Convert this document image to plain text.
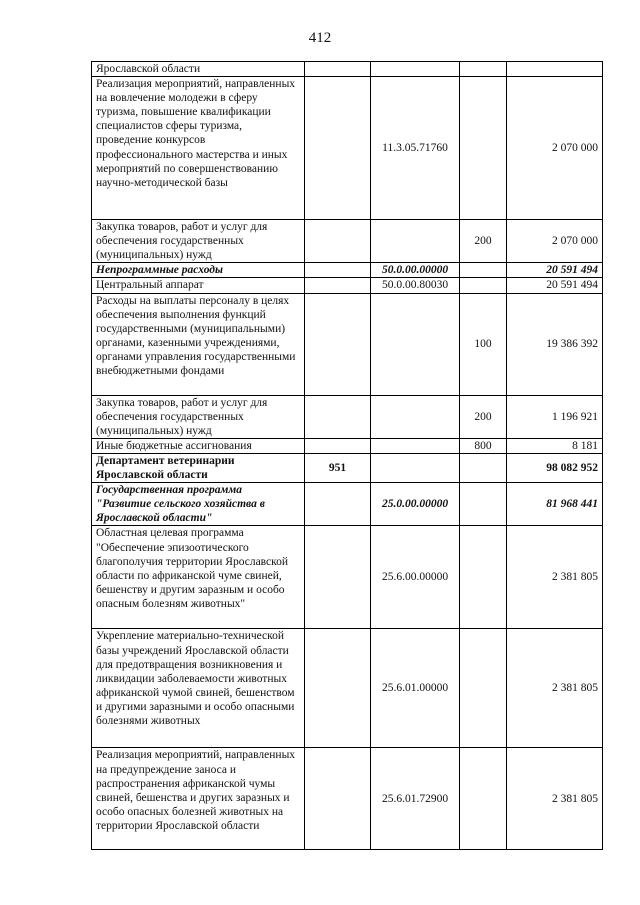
412
Ярославской области				
Реализация мероприятий, направленных на вовлечение молодежи в сферу туризма, повышение квалификации специалистов сферы туризма, проведение конкурсов профессионального мастерства и иных мероприятий по совершенствованию научно-методической базы		11.3.05.71760		2 070 000
Закупка товаров, работ и услуг для обеспечения государственных (муниципальных) нужд			200	2 070 000
Непрограммные расходы		50.0.00.00000		20 591 494
Центральный аппарат		50.0.00.80030		20 591 494
Расходы на выплаты персоналу в целях обеспечения выполнения функций государственными (муниципальными) органами, казенными учреждениями, органами управления государственными внебюджетными фондами			100	19 386 392
Закупка товаров, работ и услуг для обеспечения государственных (муниципальных) нужд			200	1 196 921
Иные бюджетные ассигнования			800	8 181
Департамент ветеринарии Ярославской области	951			98 082 952
Государственная программа "Развитие сельского хозяйства в Ярославской области"		25.0.00.00000		81 968 441
Областная целевая программа "Обеспечение эпизоотического благополучия территории Ярославской области по африканской чуме свиней, бешенству и другим заразным и особо опасным болезням животных"		25.6.00.00000		2 381 805
Укрепление материально-технической базы учреждений Ярославской области для предотвращения возникновения и ликвидации заболеваемости животных африканской чумой свиней, бешенством и другими заразными и особо опасными болезнями животных		25.6.01.00000		2 381 805
Реализация мероприятий, направленных на предупреждение заноса и распространения африканской чумы свиней, бешенства и других заразных и особо опасных болезней животных на территории Ярославской области		25.6.01.72900		2 381 805
